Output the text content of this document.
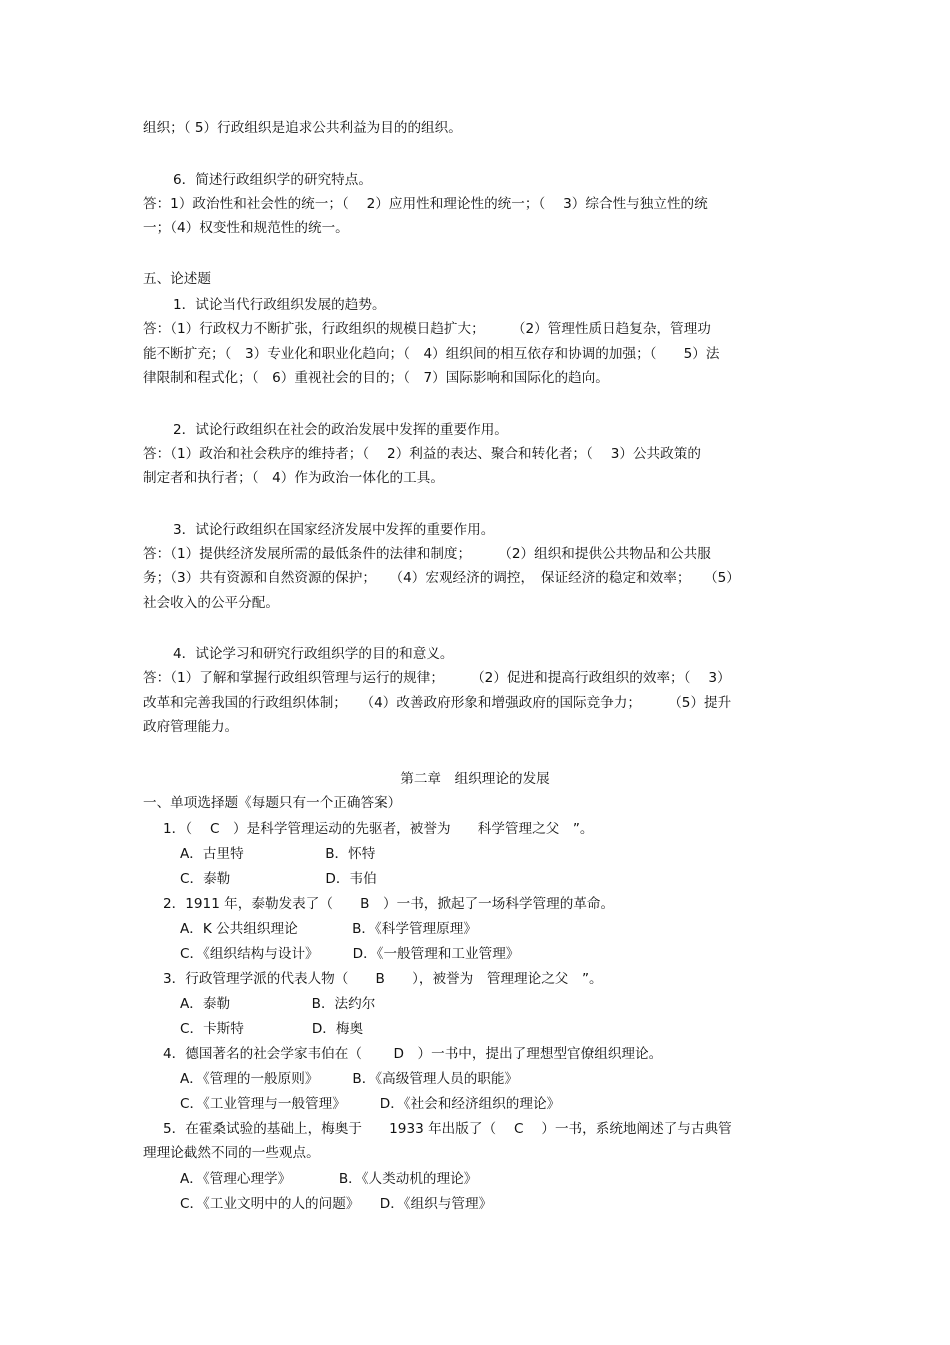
组织；（ 5）行政组织是追求公共利益为目的的组织。
6．简述行政组织学的研究特点。
答：1）政治性和社会性的统一；（　 2）应用性和理论性的统一；（　 3）综合性与独立性的统
一；（4）权变性和规范性的统一。
五、论述题
1．试论当代行政组织发展的趋势。
答：（1）行政权力不断扩张，行政组织的规模日趋扩大；　　　（2）管理性质日趋复杂，管理功
能不断扩充；（　3）专业化和职业化趋向；（　4）组织间的相互依存和协调的加强；（　　5）法
律限制和程式化；（　6）重视社会的目的；（　7）国际影响和国际化的趋向。
2．试论行政组织在社会的政治发展中发挥的重要作用。
答：（1）政治和社会秩序的维持者；（　 2）利益的表达、聚合和转化者；（　 3）公共政策的
制定者和执行者；（　4）作为政治一体化的工具。
3．试论行政组织在国家经济发展中发挥的重要作用。
答：（1）提供经济发展所需的最低条件的法律和制度；　　　（2）组织和提供公共物品和公共服
务；（3）共有资源和自然资源的保护；　　（4）宏观经济的调控，　保证经济的稳定和效率；　　（5）
社会收入的公平分配。
4．试论学习和研究行政组织学的目的和意义。
答：（1）了解和掌握行政组织管理与运行的规律；　　　（2）促进和提高行政组织的效率；（　 3）
改革和完善我国的行政组织体制；　　（4）改善政府形象和增强政府的国际竞争力；　　　（5）提升
政府管理能力。
第二章　组织理论的发展
一、单项选择题《每题只有一个正确答案）
1．（　 C　）是科学管理运动的先驱者，被誉为　　科学管理之父　”。
A．古里特　　　　　　B．怀特
C．泰勒　　　　　　　D．韦伯
2．1911 年，泰勒发表了（　　B　）一书，掀起了一场科学管理的革命。
A．K 公共组织理论　　　　B．《科学管理原理》
C．《组织结构与设计》　　　D．《一般管理和工业管理》
3．行政管理学派的代表人物（　　B　　），被誉为　管理理论之父　”。
A．泰勒　　　　　　B．法约尔
C．卡斯特　　　　　D．梅奥
4．德国著名的社会学家韦伯在（　　 D　）一书中，提出了理想型官僚组织理论。
A．《管理的一般原则》　　　B．《高级管理人员的职能》
C．《工业管理与一般管理》　　　D．《社会和经济组织的理论》
5．在霍桑试验的基础上，梅奥于　　1933 年出版了（　 C　 ）一书，系统地阐述了与古典管
理理论截然不同的一些观点。
A．《管理心理学》　　　　B．《人类动机的理论》
C．《工业文明中的人的问题》　　D．《组织与管理》
